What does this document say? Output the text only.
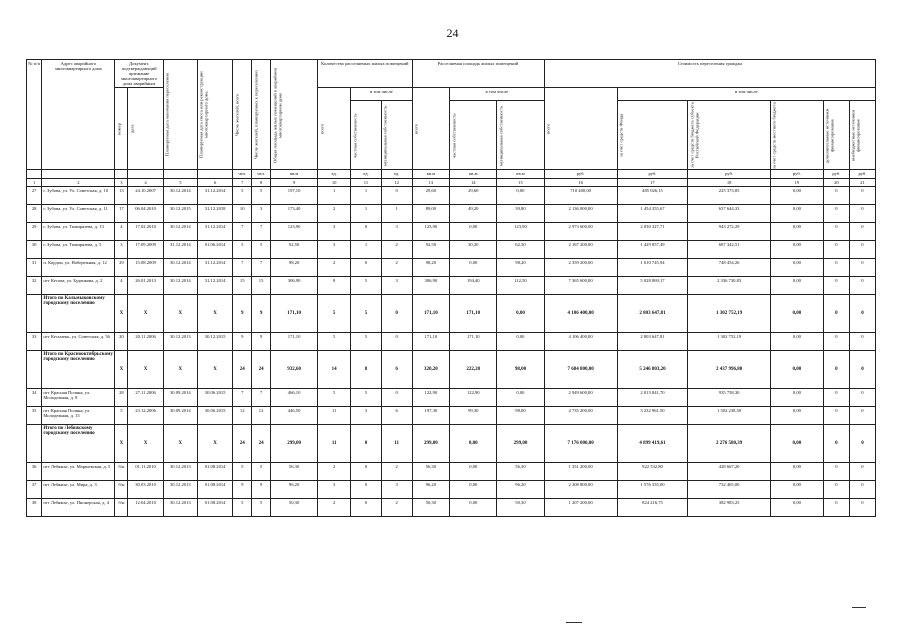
24
№ п/п	Адрес аварийного многоквартирного дома	Документ, подтверждающий признание многоквартирного дома аварийным		Планируемая дата окончания переселения	Планируемая дата сноса или реконструкции многоквартирного дома	Число жителей, всего	Число жителей, планируемых к переселению	Общая площадь жилых помещений в аварийном многоквартирном доме	Количество расселяемых жилых помещений			Расселяемая площадь жилых помещений			Стоимость переселения граждан					
		номер	дата						всего	в том числе		всего	в том числе		всего	в том числе				
										частная собственность	муниципальная собственность		частная собственность	муниципальная собственность		за счет средств Фонда	за счет средств бюджета субъекта Российской Федерации	за счет средств местного бюджета	дополнительные источники финансирования	внебюджетные источники финансирования
						чел.	чел.	кв.м	ед.	ед.	ед.	кв.м	кв.м	кв.м	руб.	руб.	руб.	руб.	руб.	руб.
1	2	3	4	5	6	7	8	9	10	11	12	13	14	15	16	17	18	19	20	21
27	г. Зубова, ул. Ул. Советская, д. 10	13	24.10.2007	30.12.2014	31.12.2014	5	5	197,10	1	1	0	29,60	29,60	0,00	710 400,00	485 026,15	225 373,85	0,00	0	0
28	г. Зубова, ул. Ул. Советская, д. 11	17	06.04.2010	30.12.2015	31.12.2018	10	3	173,40	2	1	1	89,00	49,20	39,80	2 136 000,00	1 454 355,67	637 644,33	0,00	0	0
29	г. Зубова, ул. Тимирязева, д. 13	4	17.02.2010	30.12.2014	31.12.2014	7	7	123,90	3	0	3	123,90	0,00	123,90	2 973 600,00	2 030 327,71	943 272,29	0,00	0	0
30	г. Зубова, ул. Тимирязева, д. 5	3	17.09.2009	31.12.2014	01.06.2014	5	5	92,50	3	1	2	92,50	30,20	62,30	2 167 200,00	1 429 857,49	687 342,51	0,00	0	0
31	п. Кордон, ул. Набережная, д. 12	29	15.08.2009	30.12.2014	31.12.2014	7	7	98,20	2	0	2	98,20	0,00	98,20	2 359 200,00	1 610 745,94	748 454,26	0,00	0	0
32	пгт Кесова, ул. Буденкова, д. 2	4	26.01.2013	30.12.2014	31.12.2014	15	15	306,90	8	5	3	306,90	194,40	112,50	7 365 600,00	5 028 869,17	2 336 730,83	0,00	0	0
	Итого по Кальмыковскому городскому поселению	X	X	X	X	9	9	171,10	5	5	0	171,10	171,10	0,00	4 106 400,00	2 803 647,81	1 302 752,19	0,00	0	0
33	пгт Кесьмень, ул. Советская, д. 56	20	20.11.2006	30.12.2013	30.12.2015	9	9	171,10	5	5	0	171,10	171,10	0,00	4 106 400,00	2 803 647,81	1 302 752,19	0,00	0	0
	Итого по Краснооктябрьскому городскому поселению	X	X	X	X	24	24	932,60	14	8	6	320,20	222,20	98,00	7 684 800,00	5 246 803,20	2 437 996,80	0,00	0	0
34	пгт Красная Поляна, ул. Молодежная, д. 8	28	27.11.2006	30.09.2014	30.06.2015	7	7	466,10	5	5	0	122,90	122,90	0,00	2 949 600,00	2 013 841,70	935 758,30	0,00	0	0
35	пгт Красная Поляна, ул. Молодежная, д. 15	5	23.12.2006	30.09.2014	30.06.2015	12	12	446,50	11	3	6	197,30	99,30	98,00	4 735 200,00	3 232 961,50	1 502 238,50	0,00	0	0
	Итого по Лебяжскому городскому поселению	X	X	X	X	24	24	299,00	11	0	11	299,00	0,00	299,00	7 176 000,00	4 899 419,61	2 276 580,39	0,00	0	0
36	пгт Лебяжье, ул. Маршевская, д. 5	б/н	01.11.2010	30.12.2013	01.08.2014	5	5	56,30	2	0	2	56,30	0,00	56,30	1 351 200,00	922 532,80	428 667,20	0,00	0	0
37	пгт Лебяжье, ул. Мира, д. 3	б/н	30.03.2010	30.12.2013	01.08.2014	9	9	96,20	3	0	3	96,20	0,00	96,20	2 308 800,00	1 576 335,00	732 465,00	0,00	0	0
38	пгт Лебяжье, ул. Пионерская, д. 4	б/н	12.04.2010	30.12.2013	01.08.2014	5	5	50,30	2	0	2	50,30	0,00	50,30	1 207 200,00	824 216,75	382 983,25	0,00	0	0
